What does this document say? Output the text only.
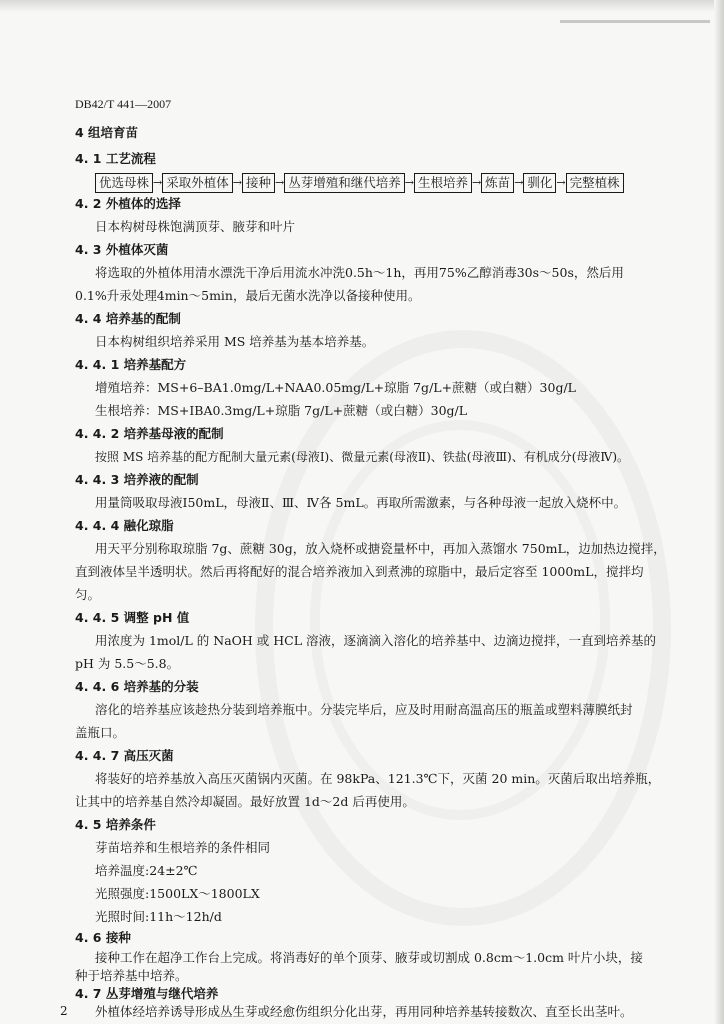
DB42/T 441—2007
4 组培育苗
4. 1 工艺流程
优选母株 → 采取外植体 → 接种 → 丛芽增殖和继代培养 → 生根培养 → 炼苗 → 驯化 → 完整植株
4. 2 外植体的选择
日本构树母株饱满顶芽、腋芽和叶片
4. 3 外植体灭菌
将选取的外植体用清水漂洗干净后用流水冲洗0.5h～1h，再用75%乙醇消毒30s～50s，然后用
0.1%升汞处理4min～5min，最后无菌水洗净以备接种使用。
4. 4 培养基的配制
日本构树组织培养采用 MS 培养基为基本培养基。
4. 4. 1 培养基配方
增殖培养：MS+6–BA1.0mg/L+NAA0.05mg/L+琼脂 7g/L+蔗糖（或白糖）30g/L
生根培养：MS+IBA0.3mg/L+琼脂 7g/L+蔗糖（或白糖）30g/L
4. 4. 2 培养基母液的配制
按照 MS 培养基的配方配制大量元素(母液Ⅰ)、微量元素(母液Ⅱ)、铁盐(母液Ⅲ)、有机成分(母液Ⅳ)。
4. 4. 3 培养液的配制
用量筒吸取母液Ⅰ50mL，母液Ⅱ、Ⅲ、Ⅳ各 5mL。再取所需激素，与各种母液一起放入烧杯中。
4. 4. 4 融化琼脂
用天平分别称取琼脂 7g、蔗糖 30g，放入烧杯或搪瓷量杯中，再加入蒸馏水 750mL，边加热边搅拌，
直到液体呈半透明状。然后再将配好的混合培养液加入到煮沸的琼脂中，最后定容至 1000mL，搅拌均
匀。
4. 4. 5 调整 pH 值
用浓度为 1mol/L 的 NaOH 或 HCL 溶液，逐滴滴入溶化的培养基中、边滴边搅拌，一直到培养基的
pH 为 5.5～5.8。
4. 4. 6 培养基的分装
溶化的培养基应该趁热分装到培养瓶中。分装完毕后，应及时用耐高温高压的瓶盖或塑料薄膜纸封
盖瓶口。
4. 4. 7 高压灭菌
将装好的培养基放入高压灭菌锅内灭菌。在 98kPa、121.3℃下，灭菌 20 min。灭菌后取出培养瓶，
让其中的培养基自然冷却凝固。最好放置 1d～2d 后再使用。
4. 5 培养条件
芽苗培养和生根培养的条件相同
培养温度:24±2℃
光照强度:1500LX～1800LX
光照时间:11h～12h/d
4. 6 接种
接种工作在超净工作台上完成。将消毒好的单个顶芽、腋芽或切割成 0.8cm～1.0cm 叶片小块，接
种于培养基中培养。
4. 7 丛芽增殖与继代培养
外植体经培养诱导形成丛生芽或经愈伤组织分化出芽，再用同种培养基转接数次、直至长出茎叶。
2
